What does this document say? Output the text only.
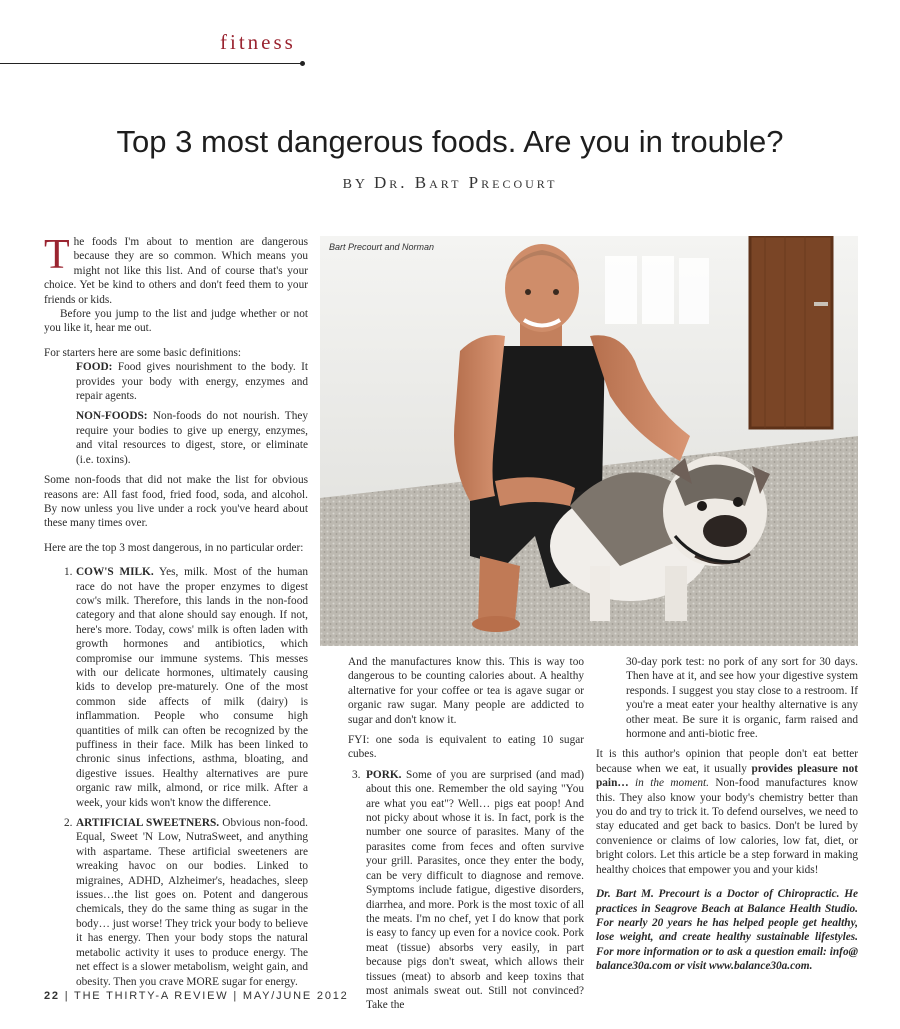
fitness
Top 3 most dangerous foods. Are you in trouble?
BY Dr. Bart Precourt

The foods I'm about to mention are dangerous because they are so common. Which means you might not like this list. And of course that's your choice. Yet be kind to others and don't feed them to your friends or kids.

Before you jump to the list and judge whether or not you like it, hear me out.

For starters here are some basic definitions:

FOOD: Food gives nourishment to the body. It provides your body with energy, enzymes and repair agents.

NON-FOODS: Non-foods do not nourish. They require your bodies to give up energy, enzymes, and vital resources to digest, store, or eliminate (i.e. toxins).

Some non-foods that did not make the list for obvious reasons are: All fast food, fried food, soda, and alcohol. By now unless you live under a rock you've heard about these many times over.

Here are the top 3 most dangerous, in no particular order:

1. COW'S MILK. Yes, milk. Most of the human race do not have the proper enzymes to digest cow's milk. Therefore, this lands in the non-food category and that alone should say enough. If not, here's more. Today, cows' milk is often laden with growth hormones and antibiotics, which compromise our immune systems. This messes with our delicate hormones, ultimately causing kids to develop pre-maturely. One of the most common side affects of milk (dairy) is inflammation. People who consume high quantities of milk can often be recognized by the puffiness in their face. Milk has been linked to chronic sinus infections, asthma, bloating, and digestive issues. Healthy alternatives are pure organic raw milk, almond, or rice milk. After a week, your kids won't know the difference.

2. ARTIFICIAL SWEETNERS. Obvious non-food. Equal, Sweet 'N Low, NutraSweet, and anything with aspartame. These artificial sweeteners are wreaking havoc on our bodies. Linked to migraines, ADHD, Alzheimer's, headaches, sleep issues…the list goes on. Potent and dangerous chemicals, they do the same thing as sugar in the body… just worse! They trick your body to believe it has energy. Then your body stops the natural metabolic activity it uses to produce energy. The net effect is a slower metabolism, weight gain, and obesity. Then you crave MORE sugar for energy.

Bart Precourt and Norman

And the manufactures know this. This is way too dangerous to be counting calories about. A healthy alternative for your coffee or tea is agave sugar or organic raw sugar. Many people are addicted to sugar and don't know it.

FYI: one soda is equivalent to eating 10 sugar cubes.

3. PORK. Some of you are surprised (and mad) about this one. Remember the old saying "You are what you eat"? Well… pigs eat poop! And not picky about whose it is. In fact, pork is the number one source of parasites. Many of the parasites come from feces and often survive your grill. Parasites, once they enter the body, can be very difficult to diagnose and remove. Symptoms include fatigue, digestive disorders, diarrhea, and more. Pork is the most toxic of all the meats. I'm no chef, yet I do know that pork is easy to fancy up even for a novice cook. Pork meat (tissue) absorbs very easily, in part because pigs don't sweat, which allows their tissues (meat) to absorb and keep toxins that most animals sweat out. Still not convinced? Take the

30-day pork test: no pork of any sort for 30 days. Then have at it, and see how your digestive system responds. I suggest you stay close to a restroom. If you're a meat eater your healthy alternative is any other meat. Be sure it is organic, farm raised and hormone and anti-biotic free.

It is this author's opinion that people don't eat better because when we eat, it usually provides pleasure not pain… in the moment. Non-food manufactures know this. They also know your body's chemistry better than you do and try to trick it. To defend ourselves, we need to stay educated and get back to basics. Don't be lured by convenience or claims of low calories, low fat, diet, or bright colors. Let this article be a step forward in making healthy choices that empower you and your kids!

Dr. Bart M. Precourt is a Doctor of Chiropractic. He practices in Seagrove Beach at Balance Health Studio. For nearly 20 years he has helped people get healthy, lose weight, and create healthy sustainable lifestyles. For more information or to ask a question email: info@ balance30a.com or visit www.balance30a.com.

22 | THE THIRTY-A REVIEW | MAY/JUNE 2012
